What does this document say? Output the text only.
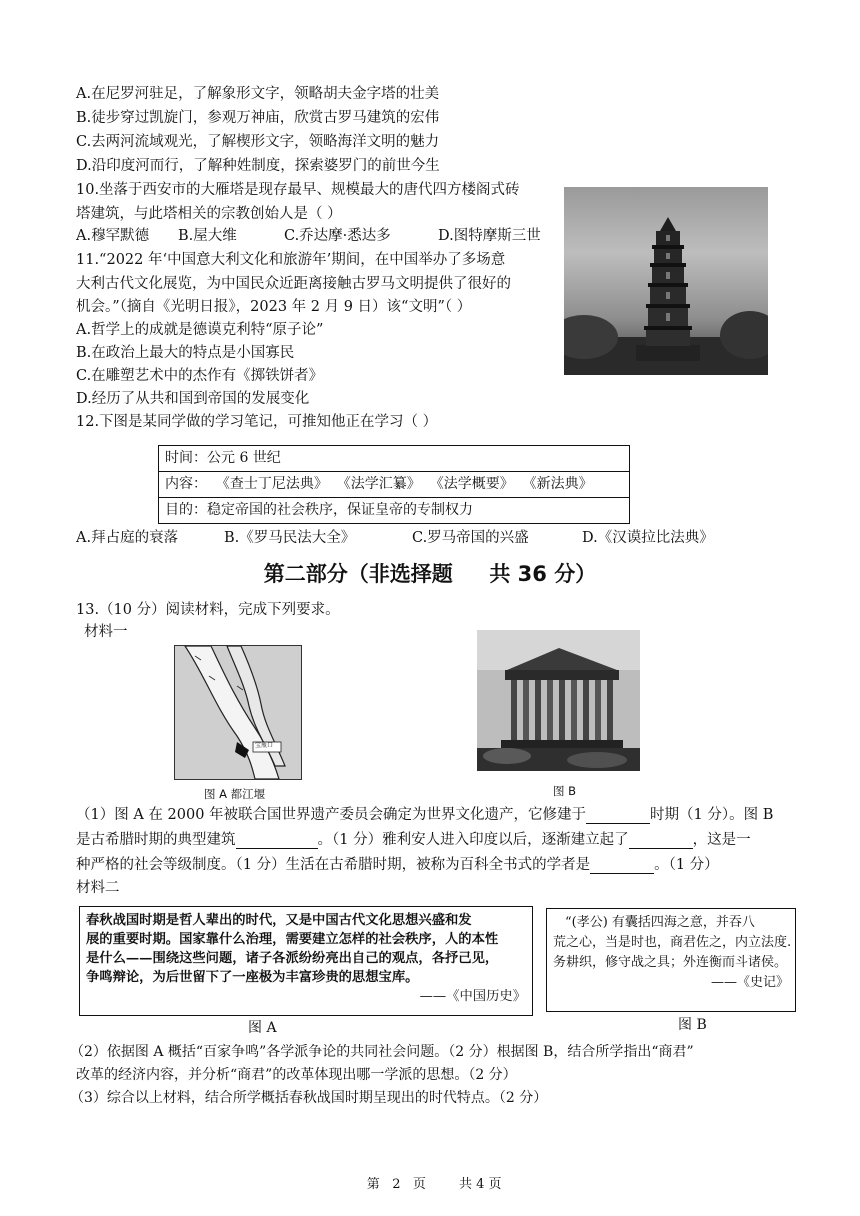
A.在尼罗河驻足，了解象形文字，领略胡夫金字塔的壮美
B.徒步穿过凯旋门，参观万神庙，欣赏古罗马建筑的宏伟
C.去两河流域观光，了解楔形文字，领略海洋文明的魅力
D.沿印度河而行，了解种姓制度，探索婆罗门的前世今生
10.坐落于西安市的大雁塔是现存最早、规模最大的唐代四方楼阁式砖
塔建筑，与此塔相关的宗教创始人是（ ）
A.穆罕默德 B.屋大维	C.乔达摩·悉达多	D.图特摩斯三世
11.“2022 年‘中国意大利文化和旅游年’期间，在中国举办了多场意
大利古代文化展览，为中国民众近距离接触古罗马文明提供了很好的
机会。”（摘自《光明日报》，2023 年 2 月 9 日）该“文明”（ ）
A.哲学上的成就是德谟克利特“原子论”
B.在政治上最大的特点是小国寡民
C.在雕塑艺术中的杰作有《掷铁饼者》
D.经历了从共和国到帝国的发展变化
12.下图是某同学做的学习笔记，可推知他正在学习（ ）
时间：公元 6 世纪
内容：  《查士丁尼法典》  《法学汇纂》  《法学概要》  《新法典》
目的：稳定帝国的社会秩序，保证皇帝的专制权力
A.拜占庭的衰落	B.《罗马民法大全》	C.罗马帝国的兴盛	D.《汉谟拉比法典》
第二部分（非选择题     共 36 分）
13.（10 分）阅读材料，完成下列要求。
材料一
宝瓶口
图 A 都江堰	图 B
（1）图 A 在 2000 年被联合国世界遗产委员会确定为世界文化遗产，它修建于	时期（1 分）。图 B
是古希腊时期的典型建筑	。（1 分）雅利安人进入印度以后，逐渐建立起了	，这是一
种严格的社会等级制度。（1 分）生活在古希腊时期，被称为百科全书式的学者是	。（1 分）
材料二

春秋战国时期是哲人辈出的时代，又是中国古代文化思想兴盛和发

展的重要时期。国家靠什么治理，需要建立怎样的社会秩序，人的本性

是什么——围绕这些问题，诸子各派纷纷亮出自己的观点，各抒己见，

争鸣辩论，为后世留下了一座极为丰富珍贵的思想宝库。

——《中国历史》

“(孝公) 有囊括四海之意，并吞八

荒之心，当是时也，商君佐之，内立法度.

务耕织，修守战之具；外连衡而斗诸侯。

——《史记》

图 A	图 B
（2）依据图 A 概括“百家争鸣”各学派争论的共同社会问题。（2 分）根据图 B，结合所学指出“商君”
改革的经济内容，并分析“商君”的改革体现出哪一学派的思想。（2 分）
（3）综合以上材料，结合所学概括春秋战国时期呈现出的时代特点。（2 分）

第 2 页	共 4 页
